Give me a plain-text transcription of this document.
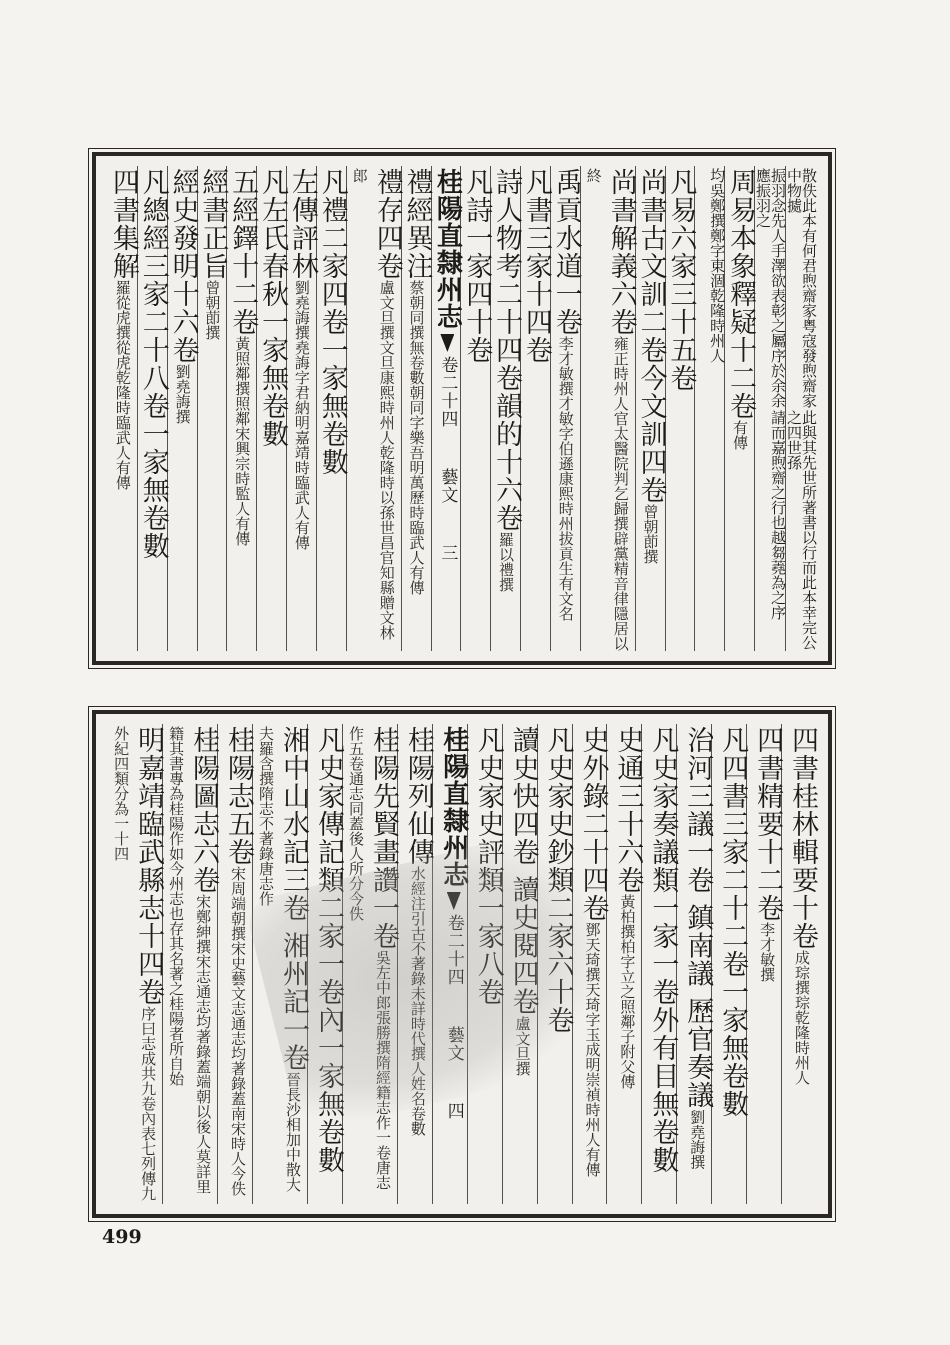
散佚此本有何君煦齋家粤寇發煦齋家中物㨿
此與其先世所著書以行而此本幸完公之四世孫
振羽念先人手澤欲表彰之屬序於余余應振羽之
請而嘉煦齋之行也越芻蕘為之序
周易本象釋疑十二卷有傳
均吳鄭撰鄭字東涸乾隆時州人
凡易六家三十五卷
尚書古文訓二卷今文訓四卷曾朝莭撰
尚書解義六卷雍正時州人官太醫院判乞歸撰辟黨精音律隱居以終
禹貢水道一卷李才敏撰才敏字伯遜康熙時州拔貢生有文名
凡書三家十四卷
詩人物考二十四卷韻的十六卷羅以禮撰
凡詩一家四十卷
桂陽直隸州志卷二十四藝文三
禮經異注蔡朝同撰無卷數朝同字樂吾明萬歷時臨武人有傳
禮存四卷盧文旦撰文旦康熙時州人乾隆時以孫世昌官知縣贈文林郎
凡禮二家四卷一家無卷數
左傳評林劉堯誨撰堯誨字君納明嘉靖時臨武人有傳
凡左氏春秋一家無卷數
五經鐸十二卷黃照鄰撰照鄰宋興宗時監人有傳
經書正旨曾朝莭撰
經史發明十六卷劉堯誨撰
凡總經三家二十八卷一家無卷數
四書集解羅從虎撰從虎乾隆時臨武人有傳
四書桂林輯要十卷成琮撰琮乾隆時州人
四書精要十二卷李才敏撰
凡四書三家二十二卷一家無卷數
治河三議一卷 鎮南議 歷官奏議劉堯誨撰
凡史家奏議類一家一卷外有目無卷數
史通三十六卷黃柏撰柏字立之照鄰子附父傳
史外錄二十四卷鄧天琦撰天琦字玉成明崇禎時州人有傳
凡史家史鈔類二家六十卷
讀史快四卷 讀史閱四卷盧文旦撰
凡史家史評類一家八卷
桂陽直隸州志卷二十四藝文四
桂陽列仙傳水經注引古不著錄未詳時代撰人姓名卷數
桂陽先賢畫讚一卷吳左中郎張勝撰隋經籍志作一卷唐志作五卷通志同蓋後人所分今佚
凡史家傳記類二家一卷內一家無卷數
湘中山水記三卷 湘州記一卷晉長沙相加中散大夫羅含撰隋志不著錄唐志作
桂陽志五卷宋周端朝撰宋史藝文志通志均著錄蓋南宋時人今佚
桂陽圖志六卷宋鄭紳撰宋志通志均著錄蓋端朝以後人莫詳里籍其書專為桂陽作如今州志也存其名著之桂陽者所自始
明嘉靖臨武縣志十四卷序曰志成共九卷內表七列傳九外紀四類分為一十四
499
